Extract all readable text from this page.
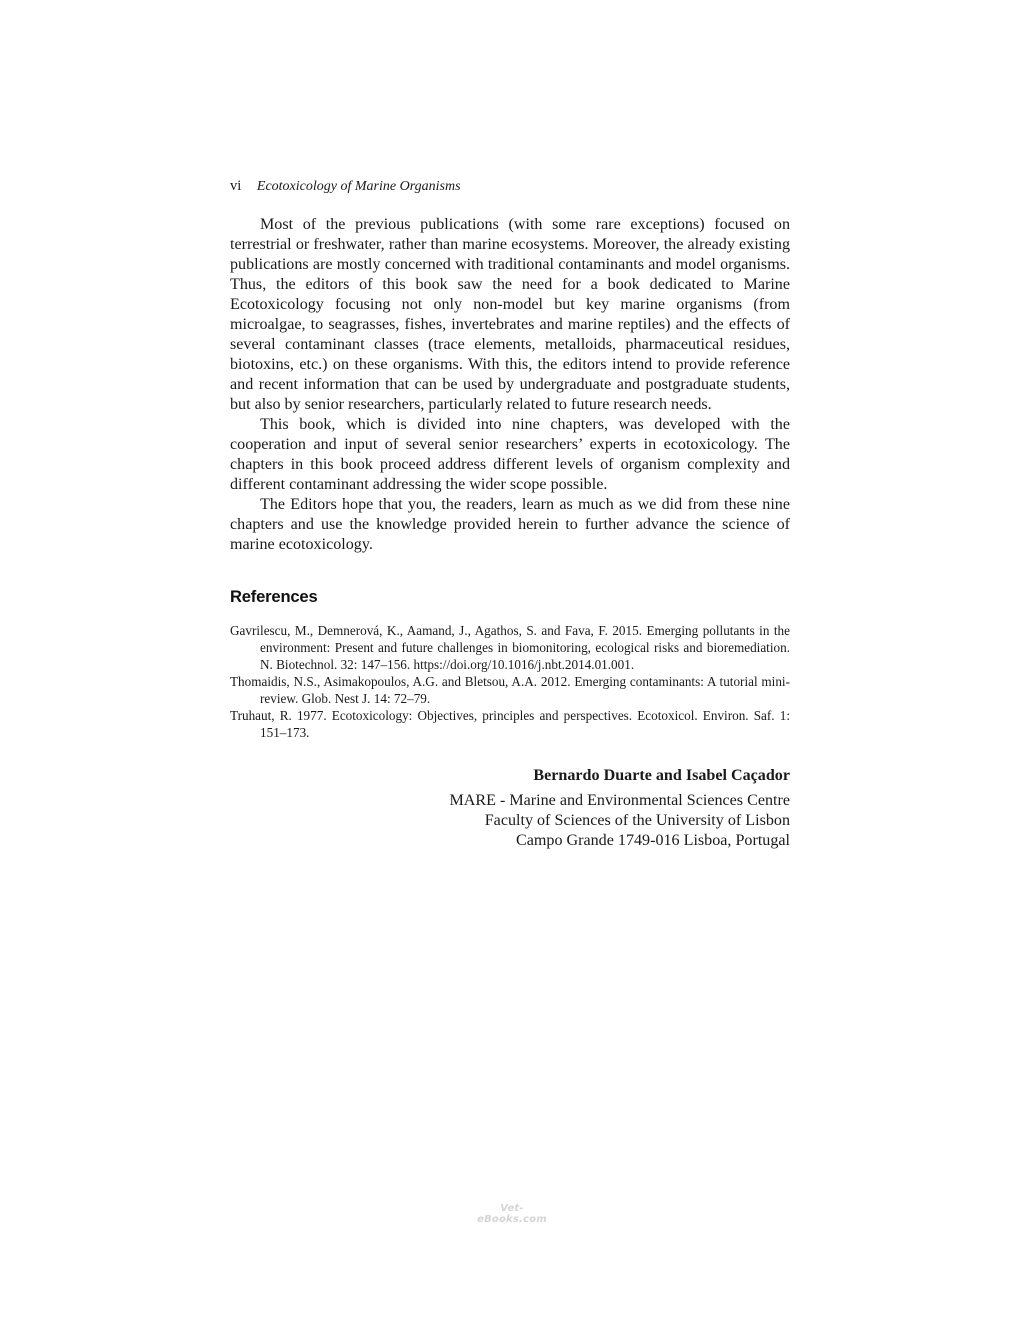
vi Ecotoxicology of Marine Organisms

Most of the previous publications (with some rare exceptions) focused on terrestrial or freshwater, rather than marine ecosystems. Moreover, the already existing publications are mostly concerned with traditional contaminants and model organisms. Thus, the editors of this book saw the need for a book dedicated to Marine Ecotoxicology focusing not only non-model but key marine organisms (from microalgae, to seagrasses, fishes, invertebrates and marine reptiles) and the effects of several contaminant classes (trace elements, metalloids, pharmaceutical residues, biotoxins, etc.) on these organisms. With this, the editors intend to provide reference and recent information that can be used by undergraduate and postgraduate students, but also by senior researchers, particularly related to future research needs.

This book, which is divided into nine chapters, was developed with the cooperation and input of several senior researchers’ experts in ecotoxicology. The chapters in this book proceed address different levels of organism complexity and different contaminant addressing the wider scope possible.

The Editors hope that you, the readers, learn as much as we did from these nine chapters and use the knowledge provided herein to further advance the science of marine ecotoxicology.

References

Gavrilescu, M., Demnerová, K., Aamand, J., Agathos, S. and Fava, F. 2015. Emerging pollutants in the environment: Present and future challenges in biomonitoring, ecological risks and bioremediation. N. Biotechnol. 32: 147–156. https://doi.org/10.1016/j.nbt.2014.01.001.

Thomaidis, N.S., Asimakopoulos, A.G. and Bletsou, A.A. 2012. Emerging contaminants: A tutorial mini-review. Glob. Nest J. 14: 72–79.

Truhaut, R. 1977. Ecotoxicology: Objectives, principles and perspectives. Ecotoxicol. Environ. Saf. 1: 151–173.

Bernardo Duarte and Isabel Caçador
MARE - Marine and Environmental Sciences Centre
Faculty of Sciences of the University of Lisbon
Campo Grande 1749-016 Lisboa, Portugal
Vet-eBooks.com
